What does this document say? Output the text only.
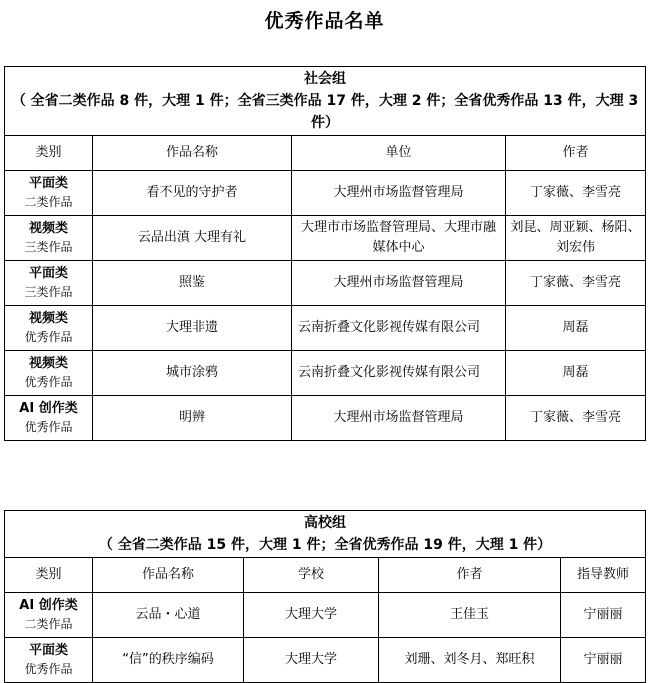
优秀作品名单
社会组
（ 全省二类作品 8 件，大理 1 件；全省三类作品 17 件，大理 2 件；全省优秀作品 13 件，大理 3 件）			

类别	作品名称	单位	作者

平面类
二类作品	看不见的守护者	大理州市场监督管理局	丁家薇、李雪亮

视频类
三类作品	云品出滇 大理有礼	大理市市场监督管理局、大理市融媒体中心	刘昆、周亚颖、杨阳、刘宏伟

平面类
三类作品	照鉴	大理州市场监督管理局	丁家薇、李雪亮

视频类
优秀作品	大理非遗	云南折叠文化影视传媒有限公司	周磊

视频类
优秀作品	城市涂鸦	云南折叠文化影视传媒有限公司	周磊

AI 创作类
优秀作品	明辨	大理州市场监督管理局	丁家薇、李雪亮
高校组
（ 全省二类作品 15 件，大理 1 件；全省优秀作品 19 件，大理 1 件）				

类别	作品名称	学校	作者	指导教师

AI 创作类
二类作品	云品・心道	大理大学	王佳玉	宁丽丽

平面类
优秀作品	“信”的秩序编码	大理大学	刘珊、刘冬月、郑旺积	宁丽丽
